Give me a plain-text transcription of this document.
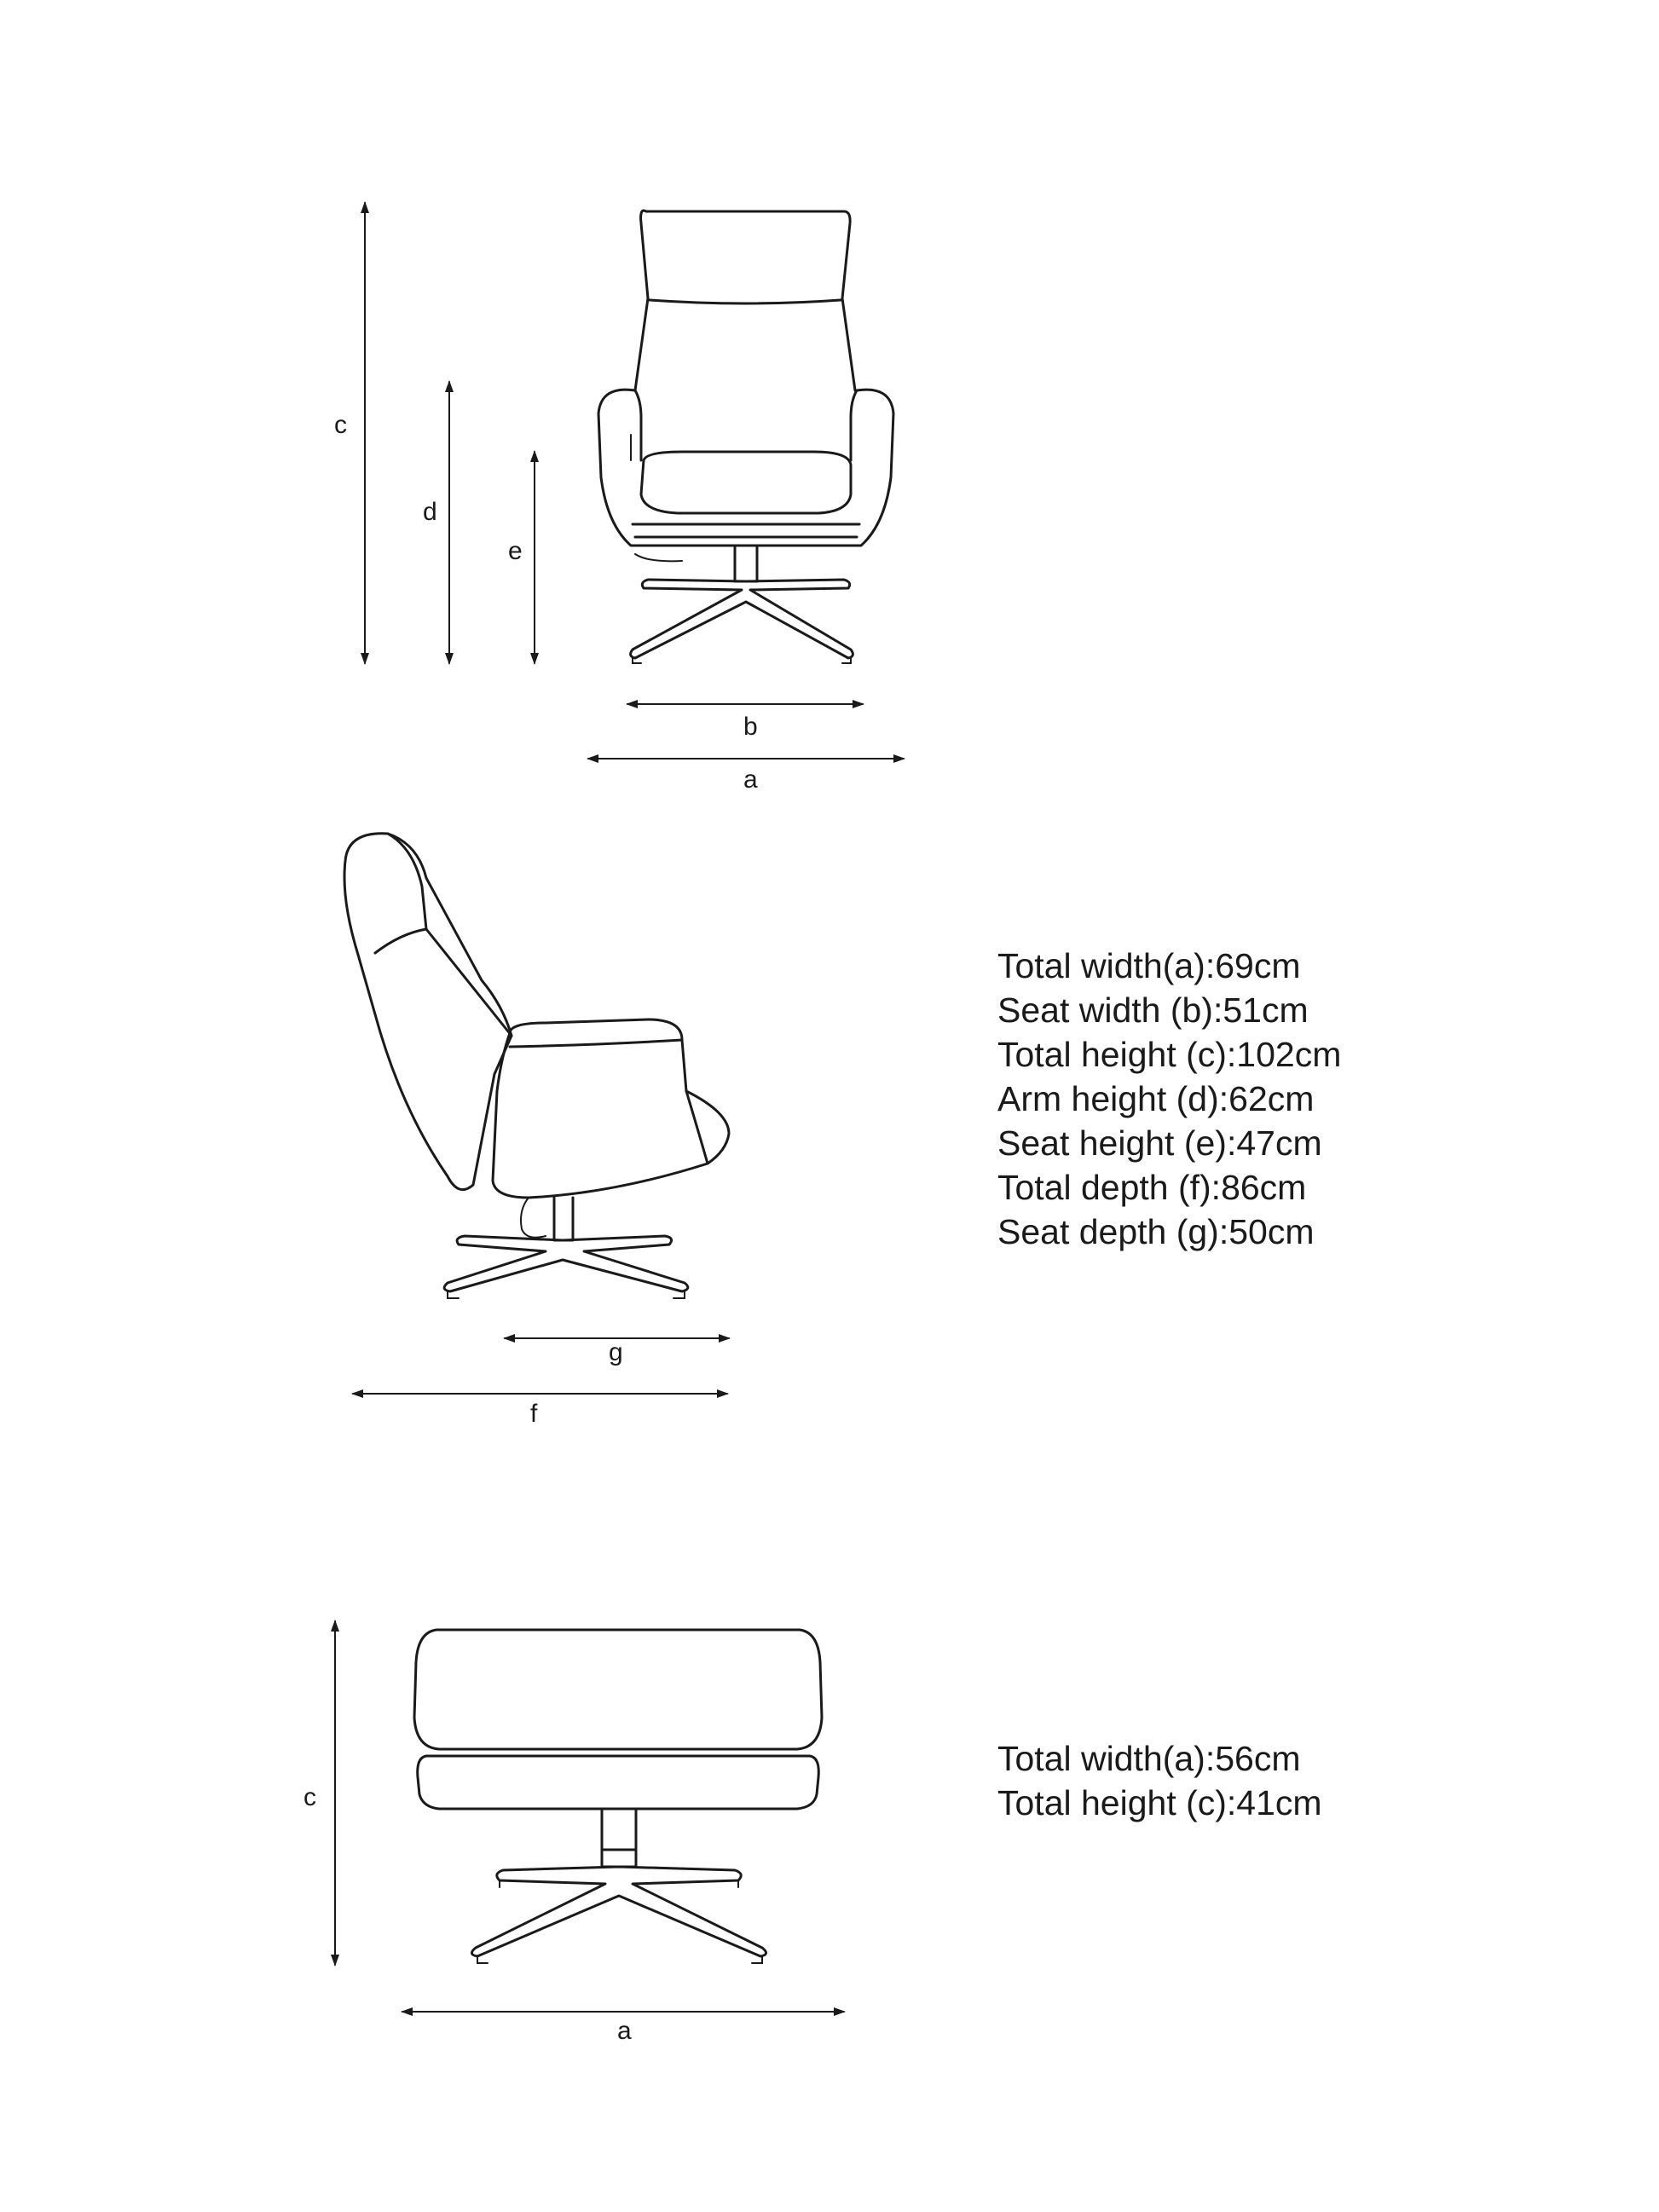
c
d
e
b
a
g
f
c
a
Total width(a):69cm
Seat width (b):51cm
Total height (c):102cm
Arm height (d):62cm
Seat height (e):47cm
Total depth (f):86cm
Seat depth (g):50cm
Total width(a):56cm
Total height (c):41cm
